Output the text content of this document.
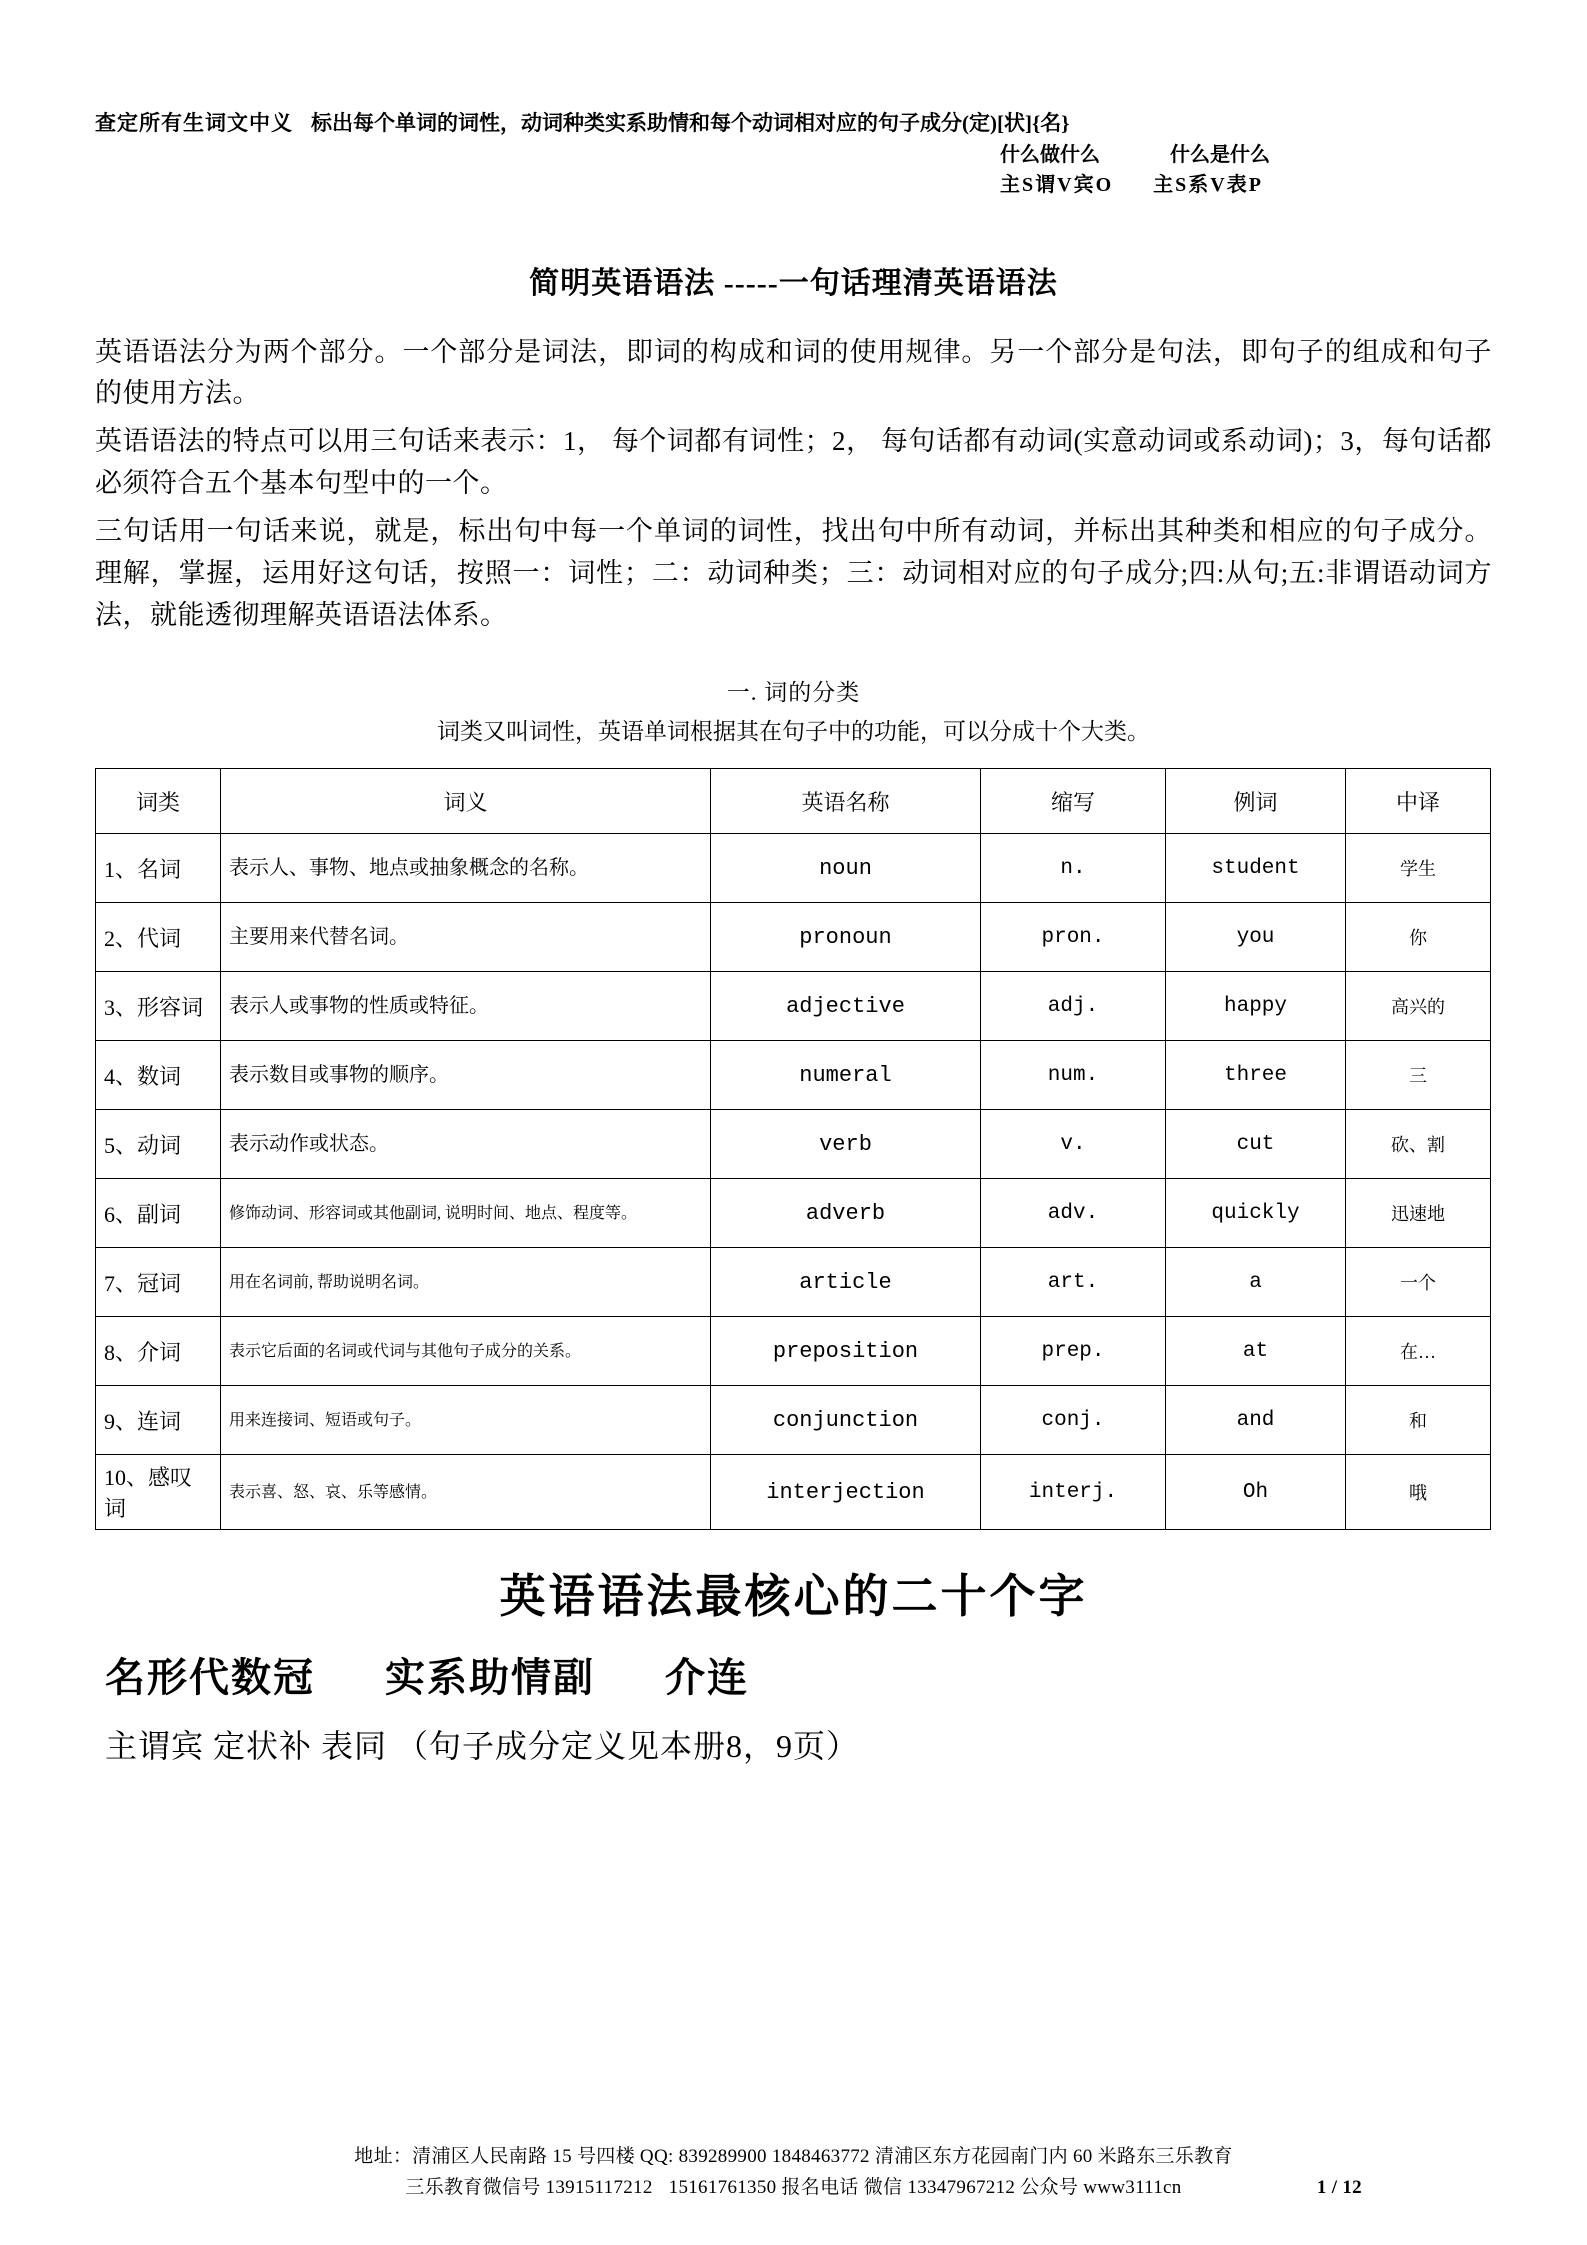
查定所有生词文中义 标出每个单词的词性，动词种类实系助情和每个动词相对应的句子成分(定)[状]{名}
什么做什么	什么是什么
主S谓V宾O 主S系V表P
简明英语语法 -----一句话理清英语语法
英语语法分为两个部分。一个部分是词法，即词的构成和词的使用规律。另一个部分是句法，即句子的组成和句子的使用方法。
英语语法的特点可以用三句话来表示：1， 每个词都有词性；2， 每句话都有动词(实意动词或系动词)；3，每句话都必须符合五个基本句型中的一个。
三句话用一句话来说，就是，标出句中每一个单词的词性，找出句中所有动词，并标出其种类和相应的句子成分。理解，掌握，运用好这句话，按照一：词性；二：动词种类；三：动词相对应的句子成分;四:从句;五:非谓语动词方法，就能透彻理解英语语法体系。
一. 词的分类
词类又叫词性，英语单词根据其在句子中的功能，可以分成十个大类。
词类	词义	英语名称	缩写	例词	中译
1、名词	表示人、事物、地点或抽象概念的名称。	noun	n.	student	学生
2、代词	主要用来代替名词。	pronoun	pron.	you	你
3、形容词	表示人或事物的性质或特征。	adjective	adj.	happy	高兴的
4、数词	表示数目或事物的顺序。	numeral	num.	three	三
5、动词	表示动作或状态。	verb	v.	cut	砍、割
6、副词	修饰动词、形容词或其他副词, 说明时间、地点、程度等。	adverb	adv.	quickly	迅速地
7、冠词	用在名词前, 帮助说明名词。	article	art.	a	一个
8、介词	表示它后面的名词或代词与其他句子成分的关系。	preposition	prep.	at	在…
9、连词	用来连接词、短语或句子。	conjunction	conj.	and	和
10、感叹词	表示喜、怒、哀、乐等感情。	interjection	interj.	Oh	哦
英语语法最核心的二十个字
名形代数冠 实系助情副 介连
主谓宾 定状补 表同 （句子成分定义见本册8，9页）
地址：清浦区人民南路 15 号四楼 QQ: 839289900 1848463772 清浦区东方花园南门内 60 米路东三乐教育
三乐教育微信号 13915117212 15161761350 报名电话 微信 13347967212 公众号 www3111cn	1 / 12
